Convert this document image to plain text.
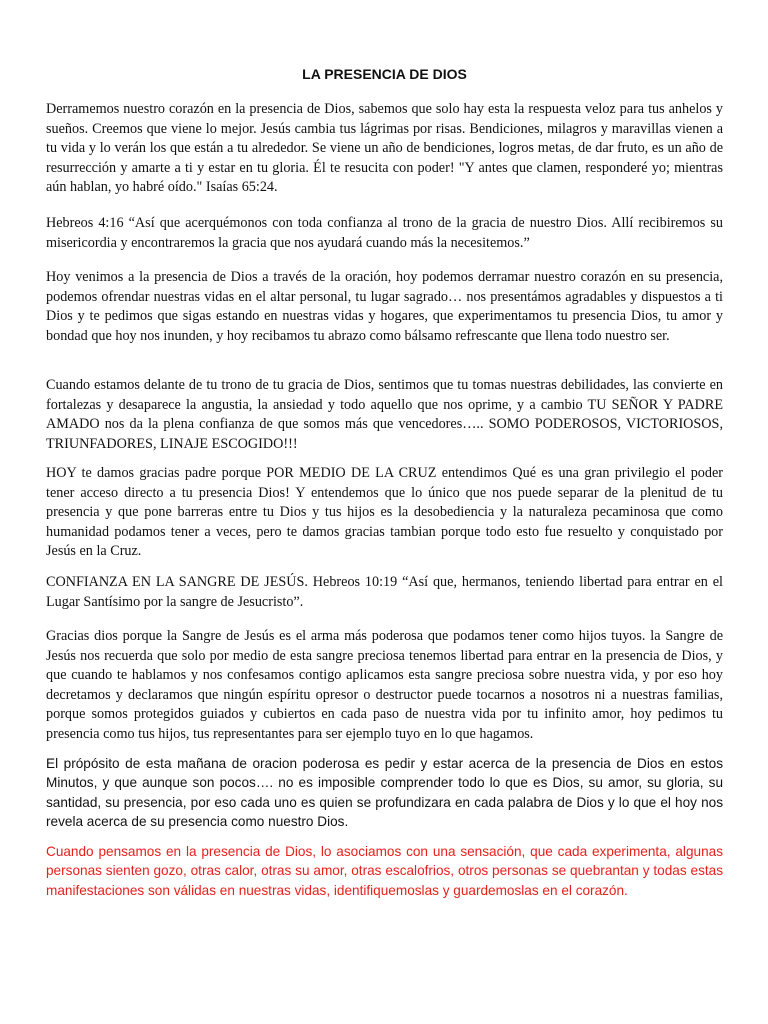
LA PRESENCIA DE DIOS

Derramemos nuestro corazón en la presencia de Dios, sabemos que solo hay esta la respuesta veloz para tus anhelos y sueños. Creemos que viene lo mejor. Jesús cambia tus lágrimas por risas. Bendiciones, milagros y maravillas vienen a tu vida y lo verán los que están a tu alrededor. Se viene un año de bendiciones, logros metas, de dar fruto, es un año de resurrección y amarte a ti y estar en tu gloria. Él te resucita con poder! "Y antes que clamen, responderé yo; mientras aún hablan, yo habré oído." Isaías 65:24.

Hebreos 4:16 “Así que acerquémonos con toda confianza al trono de la gracia de nuestro Dios. Allí recibiremos su misericordia y encontraremos la gracia que nos ayudará cuando más la necesitemos.”

Hoy venimos a la presencia de Dios a través de la oración, hoy podemos derramar nuestro corazón en su presencia, podemos ofrendar nuestras vidas en el altar personal, tu lugar sagrado… nos presentámos agradables y dispuestos a ti Dios y te pedimos que sigas estando en nuestras vidas y hogares, que experimentamos tu presencia Dios, tu amor y bondad que hoy nos inunden, y hoy recibamos tu abrazo como bálsamo refrescante que llena todo nuestro ser.

Cuando estamos delante de tu trono de tu gracia de Dios, sentimos que tu tomas nuestras debilidades, las convierte en fortalezas y desaparece la angustia, la ansiedad y todo aquello que nos oprime, y a cambio TU SEÑOR Y PADRE AMADO nos da la plena confianza de que somos más que vencedores….. SOMO PODEROSOS, VICTORIOSOS, TRIUNFADORES, LINAJE ESCOGIDO!!!

HOY te damos gracias padre porque POR MEDIO DE LA CRUZ entendimos Qué es una gran privilegio el poder tener acceso directo a tu presencia Dios! Y entendemos que lo único que nos puede separar de la plenitud de tu presencia y que pone barreras entre tu Dios y tus hijos es la desobediencia y la naturaleza pecaminosa que como humanidad podamos tener a veces, pero te damos gracias tambian porque todo esto fue resuelto y conquistado por Jesús en la Cruz.

CONFIANZA EN LA SANGRE DE JESÚS. Hebreos 10:19 “Así que, hermanos, teniendo libertad para entrar en el Lugar Santísimo por la sangre de Jesucristo”.

Gracias dios porque la Sangre de Jesús es el arma más poderosa que podamos tener como hijos tuyos. la Sangre de Jesús nos recuerda que solo por medio de esta sangre preciosa tenemos libertad para entrar en la presencia de Dios, y que cuando te hablamos y nos confesamos contigo aplicamos esta sangre preciosa sobre nuestra vida, y por eso hoy decretamos y declaramos que ningún espíritu opresor o destructor puede tocarnos a nosotros ni a nuestras familias, porque somos protegidos guiados y cubiertos en cada paso de nuestra vida por tu infinito amor, hoy pedimos tu presencia como tus hijos, tus representantes para ser ejemplo tuyo en lo que hagamos.

El própósito de esta mañana de oracion poderosa es pedir y estar acerca de la presencia de Dios en estos Minutos, y que aunque son pocos…. no es imposible comprender todo lo que es Dios, su amor, su gloria, su santidad, su presencia, por eso cada uno es quien se profundizara en cada palabra de Dios y lo que el hoy nos revela acerca de su presencia como nuestro Dios.

Cuando pensamos en la presencia de Dios, lo asociamos con una sensación, que cada experimenta, algunas personas sienten gozo, otras calor, otras su amor, otras escalofrios, otros personas se quebrantan y todas estas manifestaciones son válidas en nuestras vidas, identifiquemoslas y guardemoslas en el corazón.
